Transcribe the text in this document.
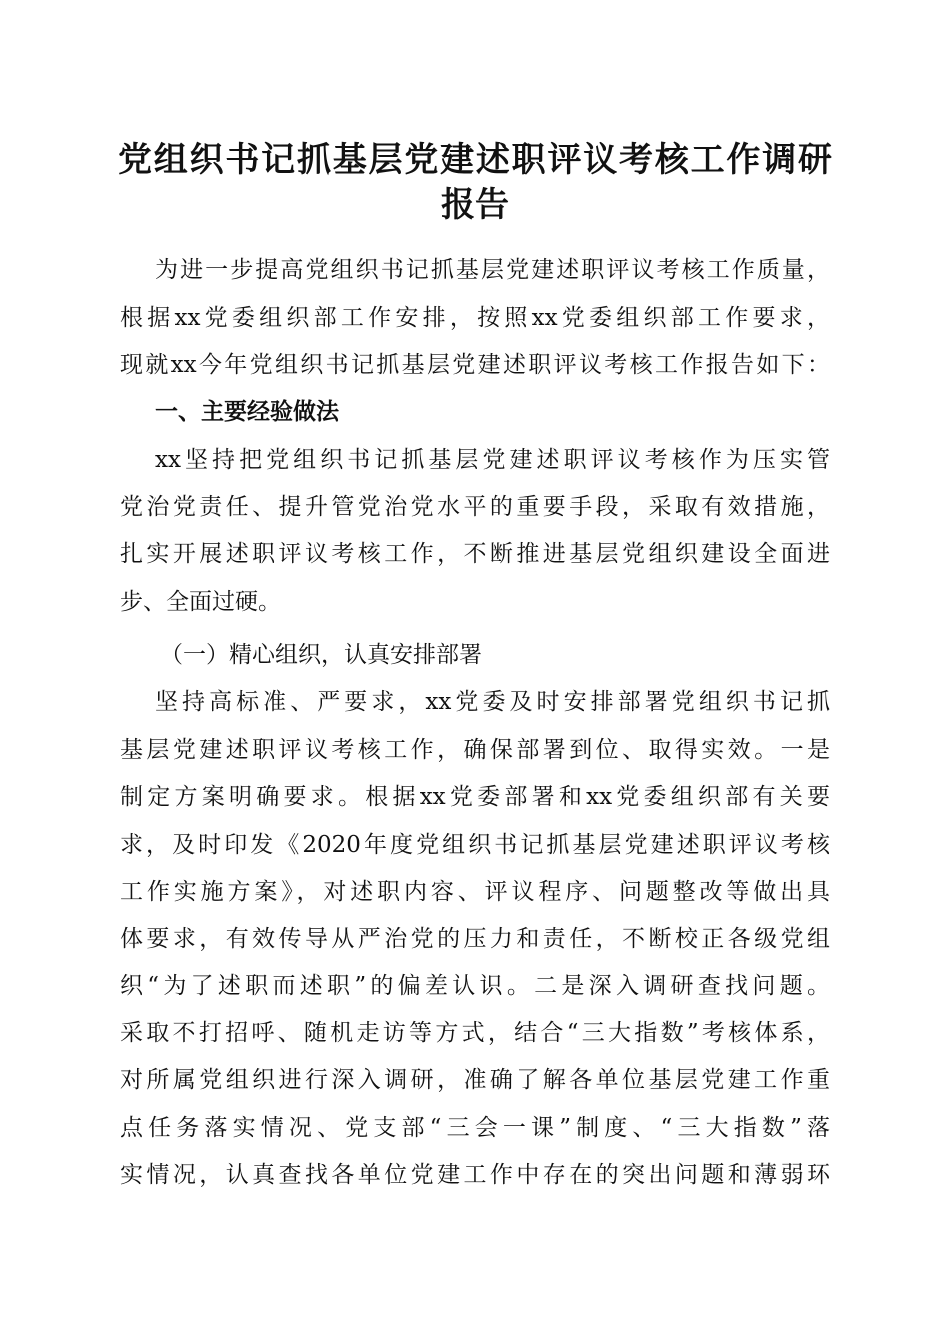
党组织书记抓基层党建述职评议考核工作调研
报告
为进一步提高党组织书记抓基层党建述职评议考核工作质量，
根据xx党委组织部工作安排，按照xx党委组织部工作要求，
现就xx今年党组织书记抓基层党建述职评议考核工作报告如下：
一、主要经验做法
xx坚持把党组织书记抓基层党建述职评议考核作为压实管
党治党责任、提升管党治党水平的重要手段，采取有效措施，
扎实开展述职评议考核工作，不断推进基层党组织建设全面进
步、全面过硬。
（一）精心组织，认真安排部署
坚持高标准、严要求，xx党委及时安排部署党组织书记抓
基层党建述职评议考核工作，确保部署到位、取得实效。一是
制定方案明确要求。根据xx党委部署和xx党委组织部有关要
求，及时印发《2020年度党组织书记抓基层党建述职评议考核
工作实施方案》，对述职内容、评议程序、问题整改等做出具
体要求，有效传导从严治党的压力和责任，不断校正各级党组
织“为了述职而述职”的偏差认识。二是深入调研查找问题。
采取不打招呼、随机走访等方式，结合“三大指数”考核体系，
对所属党组织进行深入调研，准确了解各单位基层党建工作重
点任务落实情况、党支部“三会一课”制度、“三大指数”落
实情况，认真查找各单位党建工作中存在的突出问题和薄弱环
